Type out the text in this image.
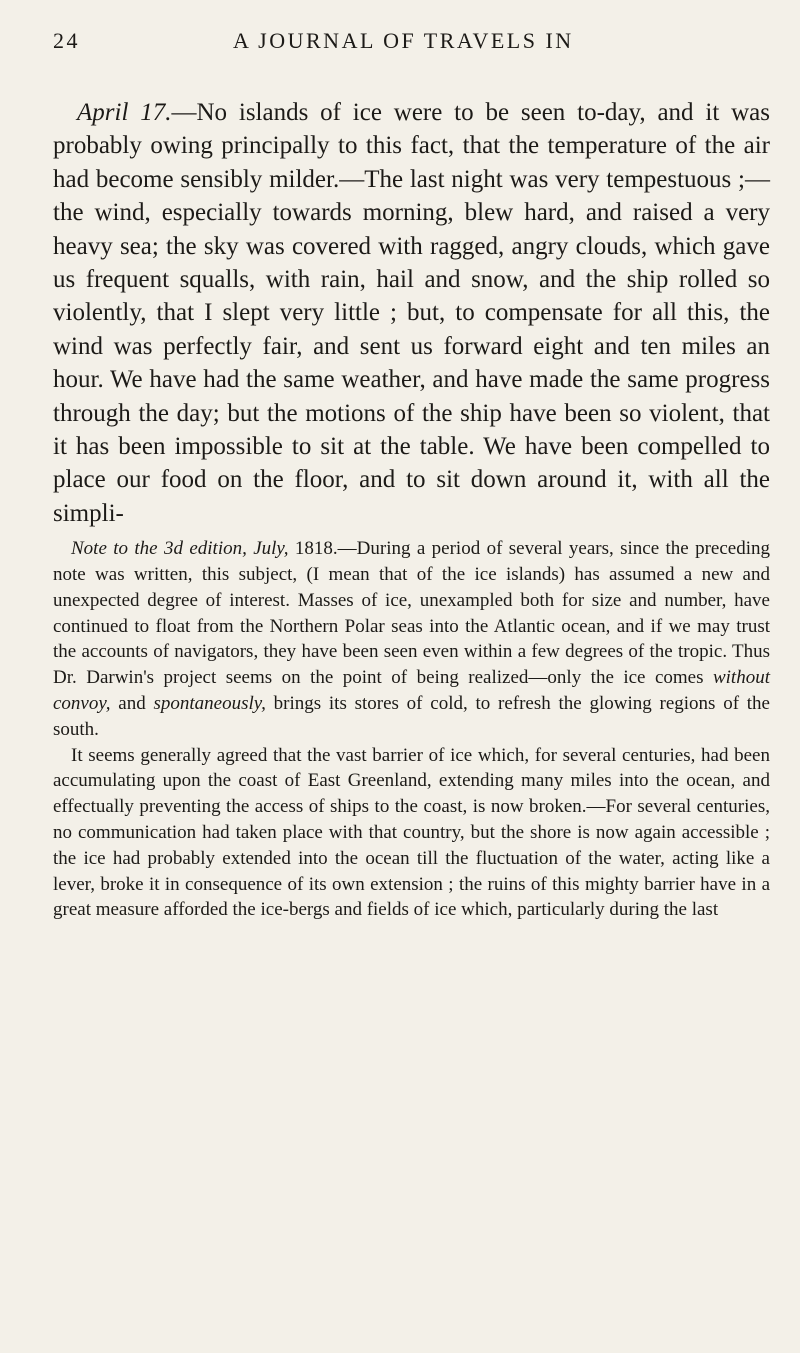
24	A JOURNAL OF TRAVELS IN

April 17.—No islands of ice were to be seen to-day, and it was probably owing principally to this fact, that the temperature of the air had become sensibly milder.—The last night was very tempestuous ;—the wind, especially towards morning, blew hard, and raised a very heavy sea; the sky was covered with ragged, angry clouds, which gave us frequent squalls, with rain, hail and snow, and the ship rolled so violently, that I slept very little ; but, to compensate for all this, the wind was perfectly fair, and sent us forward eight and ten miles an hour. We have had the same weather, and have made the same progress through the day; but the motions of the ship have been so violent, that it has been impossible to sit at the table. We have been compelled to place our food on the floor, and to sit down around it, with all the simpli-

Note to the 3d edition, July, 1818.—During a period of several years, since the preceding note was written, this subject, (I mean that of the ice islands) has assumed a new and unexpected degree of interest. Masses of ice, unexampled both for size and number, have continued to float from the Northern Polar seas into the Atlantic ocean, and if we may trust the accounts of navigators, they have been seen even within a few degrees of the tropic. Thus Dr. Darwin's project seems on the point of being realized—only the ice comes without convoy, and spontaneously, brings its stores of cold, to refresh the glowing regions of the south.

It seems generally agreed that the vast barrier of ice which, for several centuries, had been accumulating upon the coast of East Greenland, extending many miles into the ocean, and effectually preventing the access of ships to the coast, is now broken.—For several centuries, no communication had taken place with that country, but the shore is now again accessible ; the ice had probably extended into the ocean till the fluctuation of the water, acting like a lever, broke it in consequence of its own extension ; the ruins of this mighty barrier have in a great measure afforded the ice-bergs and fields of ice which, particularly during the last
